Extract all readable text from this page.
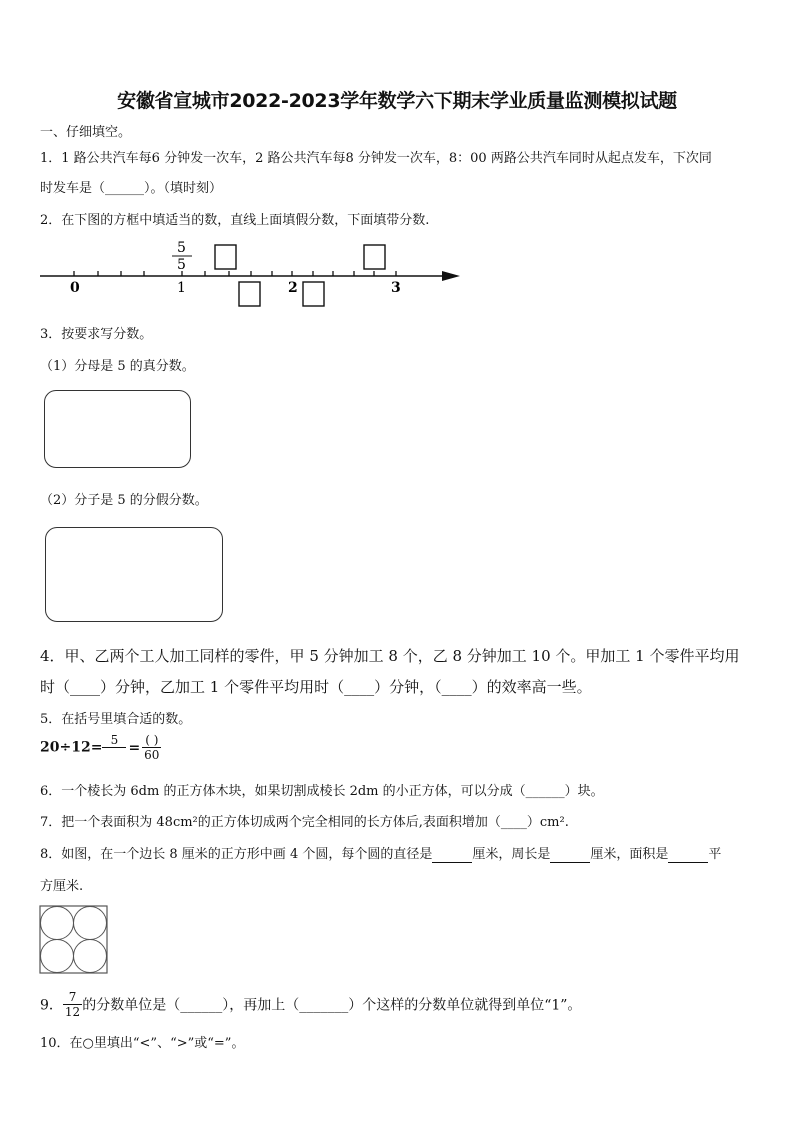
安徽省宣城市2022-2023学年数学六下期末学业质量监测模拟试题
一、仔细填空。
1．1 路公共汽车每6 分钟发一次车，2 路公共汽车每8 分钟发一次车，8：00 两路公共汽车同时从起点发车，下次同
时发车是（______）。（填时刻）
2．在下图的方框中填适当的数，直线上面填假分数，下面填带分数.
0	1	2	3
5
5
3．按要求写分数。
（1）分母是 5 的真分数。
（2）分子是 5 的分假分数。
4．甲、乙两个工人加工同样的零件，甲 5 分钟加工 8 个，乙 8 分钟加工 10 个。甲加工 1 个零件平均用
时（____）分钟，乙加工 1 个零件平均用时（____）分钟，（____）的效率高一些。
5．在括号里填合适的数。
20÷12= 5
= $\frac{( )}{60}$
6．一个棱长为 6dm 的正方体木块，如果切割成棱长 2dm 的小正方体，可以分成（______）块。
7．把一个表面积为 48cm²的正方体切成两个完全相同的长方体后,表面积增加（____）cm².
8．如图，在一个边长 8 厘米的正方形中画 4 个圆，每个圆的直径是	厘米，周长是	厘米，面积是	平
方厘米.
9． $\frac{7}{12}$ 的分数单位是（______），再加上（_______）个这样的分数单位就得到单位“1”。
10．在○里填出“<”、“>”或“=”。
